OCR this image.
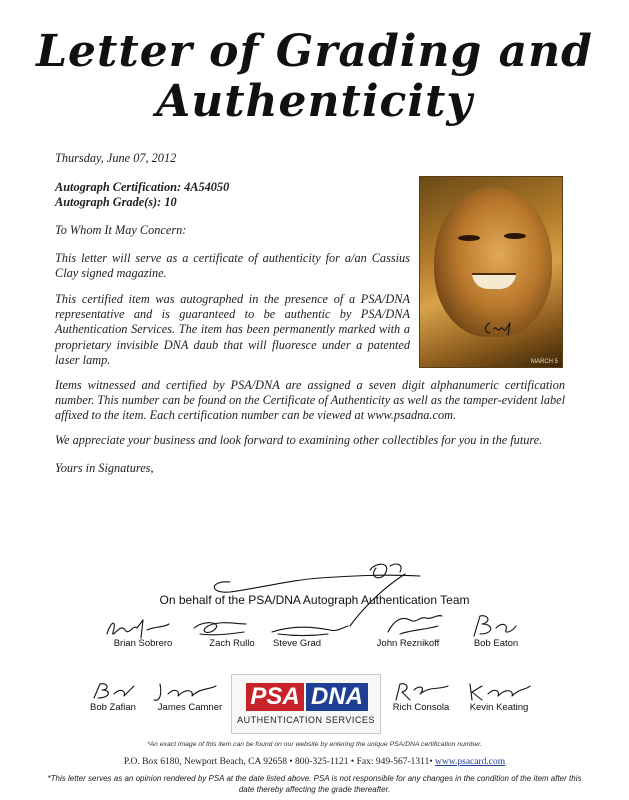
Letter of Grading and
Authenticity
Thursday, June 07, 2012
Autograph Certification: 4A54050
Autograph Grade(s): 10
To Whom It May Concern:
This letter will serve as a certificate of authenticity for a/an Cassius Clay signed magazine.
This certified item was autographed in the presence of a PSA/DNA representative and is guaranteed to be authentic by PSA/DNA Authentication Services. The item has been permanently marked with a proprietary invisible DNA daub that will fluoresce under a patented laser lamp.
Items witnessed and certified by PSA/DNA are assigned a seven digit alphanumeric certification number. This number can be found on the Certificate of Authenticity as well as the tamper-evident label affixed to the item. Each certification number can be viewed at www.psadna.com.
We appreciate your business and look forward to examining other collectibles for you in the future.
Yours in Signatures,
MARCH 5
On behalf of the PSA/DNA Autograph Authentication Team
Brian Sobrero	Zach Rullo	Steve Grad	John Reznikoff	Bob Eaton
Bob Zafian	James Camner	PSA DNA
AUTHENTICATION SERVICES
Rich Consola	Kevin Keating
*An exact image of this item can be found on our website by entering the unique PSA/DNA certification number.
P.O. Box 6180, Newport Beach, CA 92658 • 800-325-1121 • Fax: 949-567-1311• www.psacard.com
*This letter serves as an opinion rendered by PSA at the date listed above. PSA is not responsible for any changes in the condition of the item after this date thereby affecting the grade thereafter.
